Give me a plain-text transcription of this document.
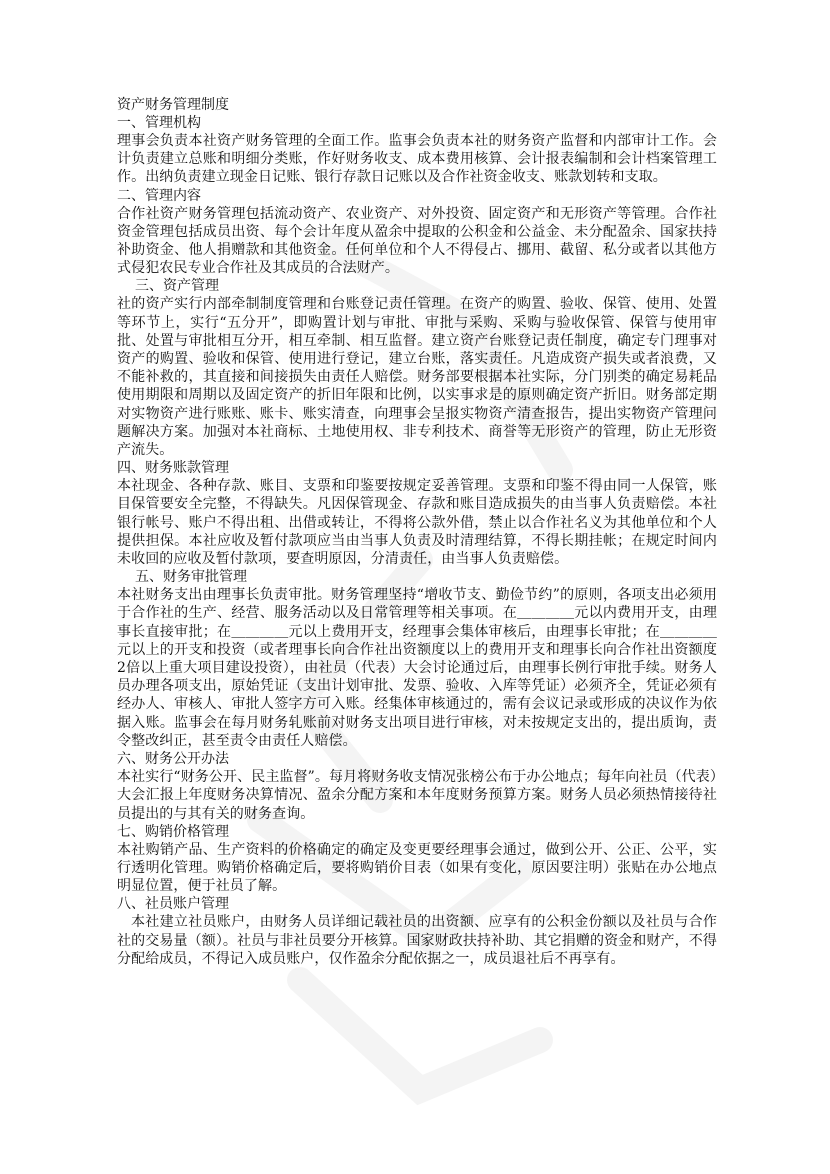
资产财务管理制度

一、管理机构

理事会负责本社资产财务管理的全面工作。监事会负责本社的财务资产监督和内部审计工作。会计负责建立总账和明细分类账，作好财务收支、成本费用核算、会计报表编制和会计档案管理工作。出纳负责建立现金日记账、银行存款日记账以及合作社资金收支、账款划转和支取。

二、管理内容

合作社资产财务管理包括流动资产、农业资产、对外投资、固定资产和无形资产等管理。合作社资金管理包括成员出资、每个会计年度从盈余中提取的公积金和公益金、未分配盈余、国家扶持补助资金、他人捐赠款和其他资金。任何单位和个人不得侵占、挪用、截留、私分或者以其他方式侵犯农民专业合作社及其成员的合法财产。

三、资产管理

社的资产实行内部牵制制度管理和台账登记责任管理。在资产的购置、验收、保管、使用、处置等环节上，实行“五分开”，即购置计划与审批、审批与采购、采购与验收保管、保管与使用审批、处置与审批相互分开，相互牵制、相互监督。建立资产台账登记责任制度，确定专门理事对资产的购置、验收和保管、使用进行登记，建立台账，落实责任。凡造成资产损失或者浪费，又不能补救的，其直接和间接损失由责任人赔偿。财务部要根据本社实际，分门别类的确定易耗品使用期限和周期以及固定资产的折旧年限和比例，以实事求是的原则确定资产折旧。财务部定期对实物资产进行账账、账卡、账实清查，向理事会呈报实物资产清查报告，提出实物资产管理问题解决方案。加强对本社商标、土地使用权、非专利技术、商誉等无形资产的管理，防止无形资产流失。

四、财务账款管理

本社现金、各种存款、账目、支票和印鉴要按规定妥善管理。支票和印鉴不得由同一人保管，账目保管要安全完整，不得缺失。凡因保管现金、存款和账目造成损失的由当事人负责赔偿。本社银行帐号、账户不得出租、出借或转让，不得将公款外借，禁止以合作社名义为其他单位和个人提供担保。本社应收及暂付款项应当由当事人负责及时清理结算，不得长期挂帐；在规定时间内未收回的应收及暂付款项，要查明原因，分清责任，由当事人负责赔偿。

五、财务审批管理

本社财务支出由理事长负责审批。财务管理坚持“增收节支、勤俭节约”的原则，各项支出必须用于合作社的生产、经营、服务活动以及日常管理等相关事项。在＿＿＿＿元以内费用开支，由理事长直接审批；在＿＿＿＿元以上费用开支，经理事会集体审核后，由理事长审批；在＿＿＿＿元以上的开支和投资（或者理事长向合作社出资额度以上的费用开支和理事长向合作社出资额度2倍以上重大项目建设投资），由社员（代表）大会讨论通过后，由理事长例行审批手续。财务人员办理各项支出，原始凭证（支出计划审批、发票、验收、入库等凭证）必须齐全，凭证必须有经办人、审核人、审批人签字方可入账。经集体审核通过的，需有会议记录或形成的决议作为依据入账。监事会在每月财务轧账前对财务支出项目进行审核，对未按规定支出的，提出质询，责令整改纠正，甚至责令由责任人赔偿。

六、财务公开办法

本社实行“财务公开、民主监督”。每月将财务收支情况张榜公布于办公地点；每年向社员（代表）大会汇报上年度财务决算情况、盈余分配方案和本年度财务预算方案。财务人员必须热情接待社员提出的与其有关的财务查询。

七、购销价格管理

本社购销产品、生产资料的价格确定的确定及变更要经理事会通过，做到公开、公正、公平，实行透明化管理。购销价格确定后，要将购销价目表（如果有变化，原因要注明）张贴在办公地点明显位置，便于社员了解。

八、社员账户管理

本社建立社员账户，由财务人员详细记载社员的出资额、应享有的公积金份额以及社员与合作社的交易量（额）。社员与非社员要分开核算。国家财政扶持补助、其它捐赠的资金和财产，不得分配给成员，不得记入成员账户，仅作盈余分配依据之一，成员退社后不再享有。
